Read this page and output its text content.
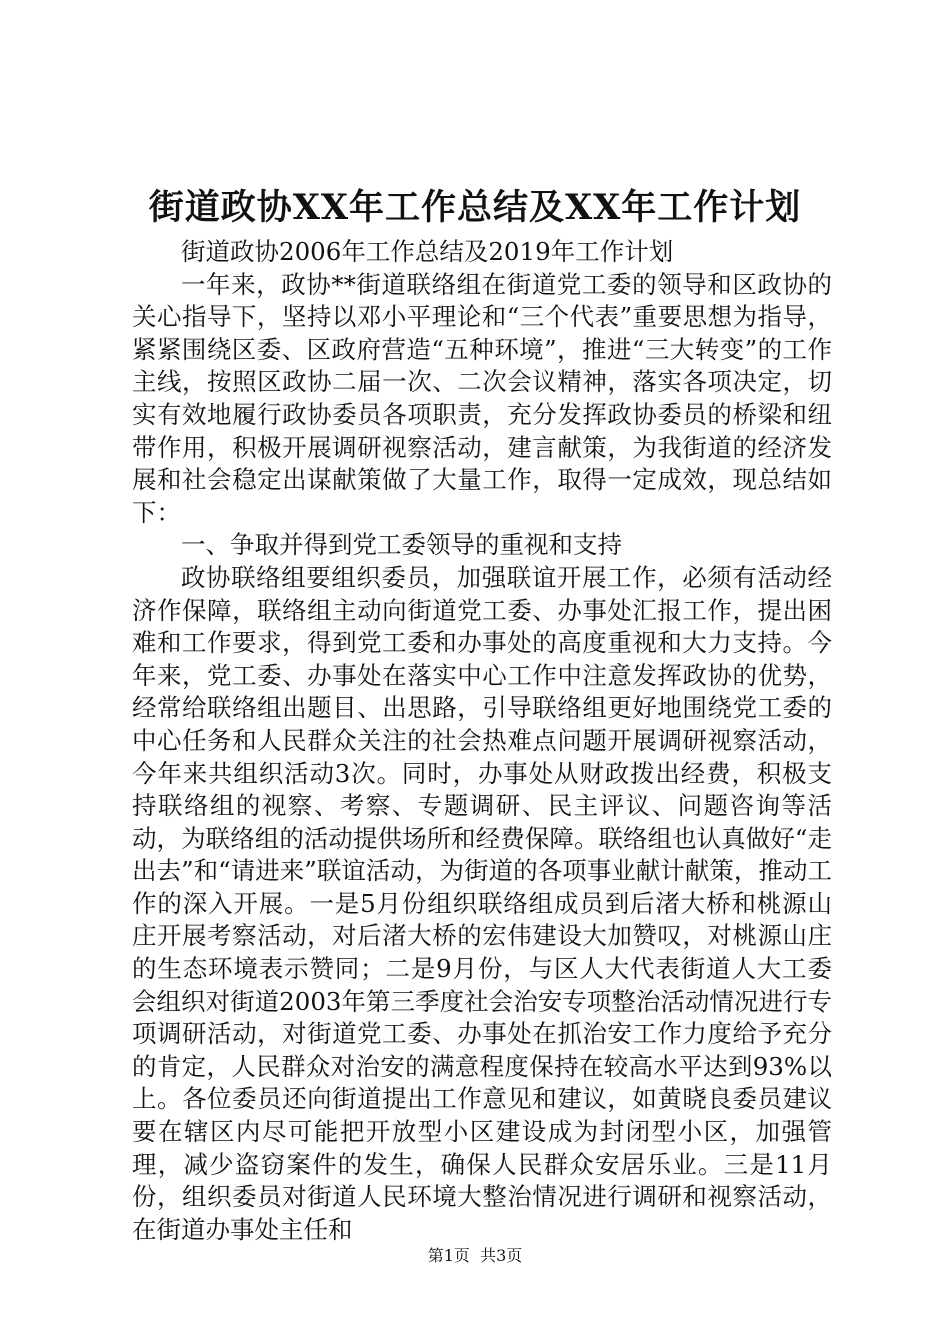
街道政协XX年工作总结及XX年工作计划

街道政协2006年工作总结及2019年工作计划

一年来，政协**街道联络组在街道党工委的领导和区政协的关心指导下，坚持以邓小平理论和“三个代表”重要思想为指导，紧紧围绕区委、区政府营造“五种环境”，推进“三大转变”的工作主线，按照区政协二届一次、二次会议精神，落实各项决定，切实有效地履行政协委员各项职责，充分发挥政协委员的桥梁和纽带作用，积极开展调研视察活动，建言献策，为我街道的经济发展和社会稳定出谋献策做了大量工作，取得一定成效，现总结如下：

一、争取并得到党工委领导的重视和支持

政协联络组要组织委员，加强联谊开展工作，必须有活动经济作保障，联络组主动向街道党工委、办事处汇报工作，提出困难和工作要求，得到党工委和办事处的高度重视和大力支持。今年来，党工委、办事处在落实中心工作中注意发挥政协的优势，经常给联络组出题目、出思路，引导联络组更好地围绕党工委的中心任务和人民群众关注的社会热难点问题开展调研视察活动，今年来共组织活动3次。同时，办事处从财政拨出经费，积极支持联络组的视察、考察、专题调研、民主评议、问题咨询等活动，为联络组的活动提供场所和经费保障。联络组也认真做好“走出去”和“请进来”联谊活动，为街道的各项事业献计献策，推动工作的深入开展。一是5月份组织联络组成员到后渚大桥和桃源山庄开展考察活动，对后渚大桥的宏伟建设大加赞叹，对桃源山庄的生态环境表示赞同；二是9月份，与区人大代表街道人大工委会组织对街道2003年第三季度社会治安专项整治活动情况进行专项调研活动，对街道党工委、办事处在抓治安工作力度给予充分的肯定，人民群众对治安的满意程度保持在较高水平达到93%以上。各位委员还向街道提出工作意见和建议，如黄晓良委员建议要在辖区内尽可能把开放型小区建设成为封闭型小区，加强管理，减少盗窃案件的发生，确保人民群众安居乐业。三是11月份，组织委员对街道人民环境大整治情况进行调研和视察活动，在街道办事处主任和

第1页 共3页
